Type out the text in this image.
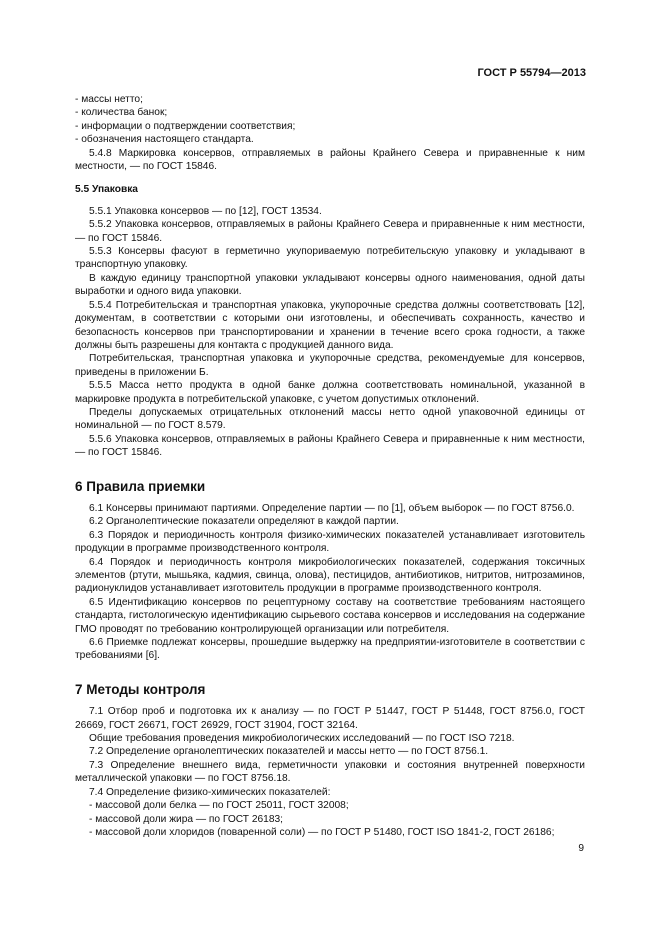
ГОСТ Р 55794—2013

- массы нетто;

- количества банок;

- информации о подтверждении соответствия;

- обозначения настоящего стандарта.

5.4.8 Маркировка консервов, отправляемых в районы Крайнего Севера и приравненные к ним местности, — по ГОСТ 15846.

5.5 Упаковка

5.5.1 Упаковка консервов — по [12], ГОСТ 13534.

5.5.2 Упаковка консервов, отправляемых в районы Крайнего Севера и приравненные к ним местности, — по ГОСТ 15846.

5.5.3 Консервы фасуют в герметично укупориваемую потребительскую упаковку и укладывают в транспортную упаковку.

В каждую единицу транспортной упаковки укладывают консервы одного наименования, одной даты выработки и одного вида упаковки.

5.5.4 Потребительская и транспортная упаковка, укупорочные средства должны соответствовать [12], документам, в соответствии с которыми они изготовлены, и обеспечивать сохранность, качество и безопасность консервов при транспортировании и хранении в течение всего срока годности, а также должны быть разрешены для контакта с продукцией данного вида.

Потребительская, транспортная упаковка и укупорочные средства, рекомендуемые для консервов, приведены в приложении Б.

5.5.5 Масса нетто продукта в одной банке должна соответствовать номинальной, указанной в маркировке продукта в потребительской упаковке, с учетом допустимых отклонений.

Пределы допускаемых отрицательных отклонений массы нетто одной упаковочной единицы от номинальной — по ГОСТ 8.579.

5.5.6 Упаковка консервов, отправляемых в районы Крайнего Севера и приравненные к ним местности, — по ГОСТ 15846.

6 Правила приемки

6.1 Консервы принимают партиями. Определение партии — по [1], объем выборок — по ГОСТ 8756.0.

6.2 Органолептические показатели определяют в каждой партии.

6.3 Порядок и периодичность контроля физико-химических показателей устанавливает изготовитель продукции в программе производственного контроля.

6.4 Порядок и периодичность контроля микробиологических показателей, содержания токсичных элементов (ртути, мышьяка, кадмия, свинца, олова), пестицидов, антибиотиков, нитритов, нитрозаминов, радионуклидов устанавливает изготовитель продукции в программе производственного контроля.

6.5 Идентификацию консервов по рецептурному составу на соответствие требованиям настоящего стандарта, гистологическую идентификацию сырьевого состава консервов и исследования на содержание ГМО проводят по требованию контролирующей организации или потребителя.

6.6 Приемке подлежат консервы, прошедшие выдержку на предприятии-изготовителе в соответствии с требованиями [6].

7 Методы контроля

7.1 Отбор проб и подготовка их к анализу — по ГОСТ Р 51447, ГОСТ Р 51448, ГОСТ 8756.0, ГОСТ 26669, ГОСТ 26671, ГОСТ 26929, ГОСТ 31904, ГОСТ 32164.

Общие требования проведения микробиологических исследований — по ГОСТ ISO 7218.

7.2 Определение органолептических показателей и массы нетто — по ГОСТ 8756.1.

7.3 Определение внешнего вида, герметичности упаковки и состояния внутренней поверхности металлической упаковки — по ГОСТ 8756.18.

7.4 Определение физико-химических показателей:

- массовой доли белка — по ГОСТ 25011, ГОСТ 32008;

- массовой доли жира — по ГОСТ 26183;

- массовой доли хлоридов (поваренной соли) — по ГОСТ Р 51480, ГОСТ ISO 1841-2, ГОСТ 26186;

9
